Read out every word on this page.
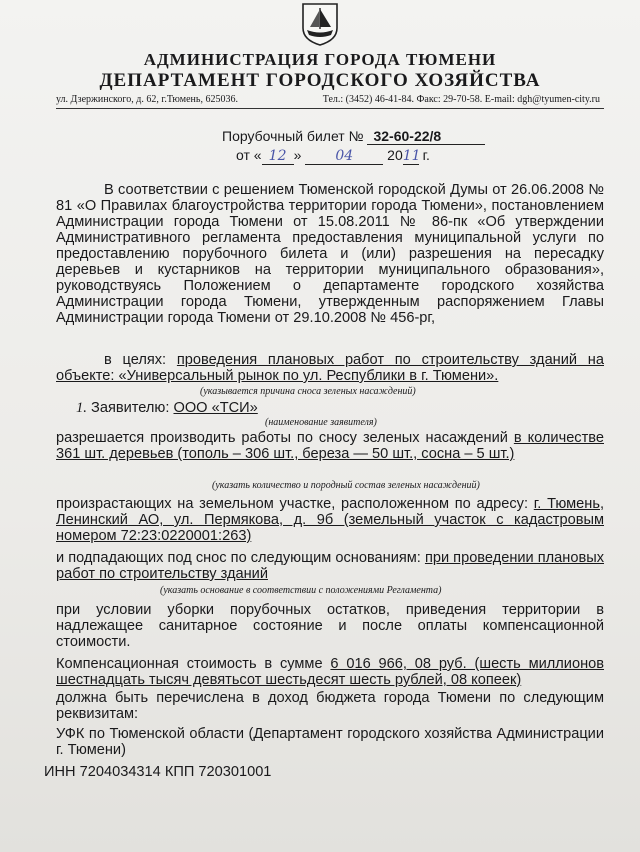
АДМИНИСТРАЦИЯ ГОРОДА ТЮМЕНИ
ДЕПАРТАМЕНТ ГОРОДСКОГО ХОЗЯЙСТВА
ул. Дзержинского, д. 62, г.Тюмень, 625036.	Тел.: (3452) 46-41-84. Факс: 29-70-58. E-mail: dgh@tyumen-city.ru
Порубочный билет № 32-60-22/8
от « 12 » 04 2011 г.
В соответствии с решением Тюменской городской Думы от 26.06.2008 № 81 «О Правилах благоустройства территории города Тюмени», постановлением Администрации города Тюмени от 15.08.2011 № 86-пк «Об утверждении Административного регламента предоставления муниципальной услуги по предоставлению порубочного билета и (или) разрешения на пересадку деревьев и кустарников на территории муниципального образования», руководствуясь Положением о департаменте городского хозяйства Администрации города Тюмени, утвержденным распоряжением Главы Администрации города Тюмени от 29.10.2008 № 456-рг,
в целях: проведения плановых работ по строительству зданий на объекте: «Универсальный рынок по ул. Республики в г. Тюмени».
(указывается причина сноса зеленых насаждений)
1. Заявителю: ООО «ТСИ»
(наименование заявителя)
разрешается производить работы по сносу зеленых насаждений в количестве 361 шт. деревьев (тополь – 306 шт., береза — 50 шт., сосна – 5 шт.)
(указать количество и породный состав зеленых насаждений)
произрастающих на земельном участке, расположенном по адресу: г. Тюмень, Ленинский АО, ул. Пермякова, д. 9б (земельный участок с кадастровым номером 72:23:0220001:263)
и подпадающих под снос по следующим основаниям: при проведении плановых работ по строительству зданий
(указать основание в соответствии с положениями Регламента)
при условии уборки порубочных остатков, приведения территории в надлежащее санитарное состояние и после оплаты компенсационной стоимости.
Компенсационная стоимость в сумме 6 016 966, 08 руб. (шесть миллионов шестнадцать тысяч девятьсот шестьдесят шесть рублей, 08 копеек)
должна быть перечислена в доход бюджета города Тюмени по следующим реквизитам:
УФК по Тюменской области (Департамент городского хозяйства Администрации г. Тюмени)
ИНН 7204034314 КПП 720301001
